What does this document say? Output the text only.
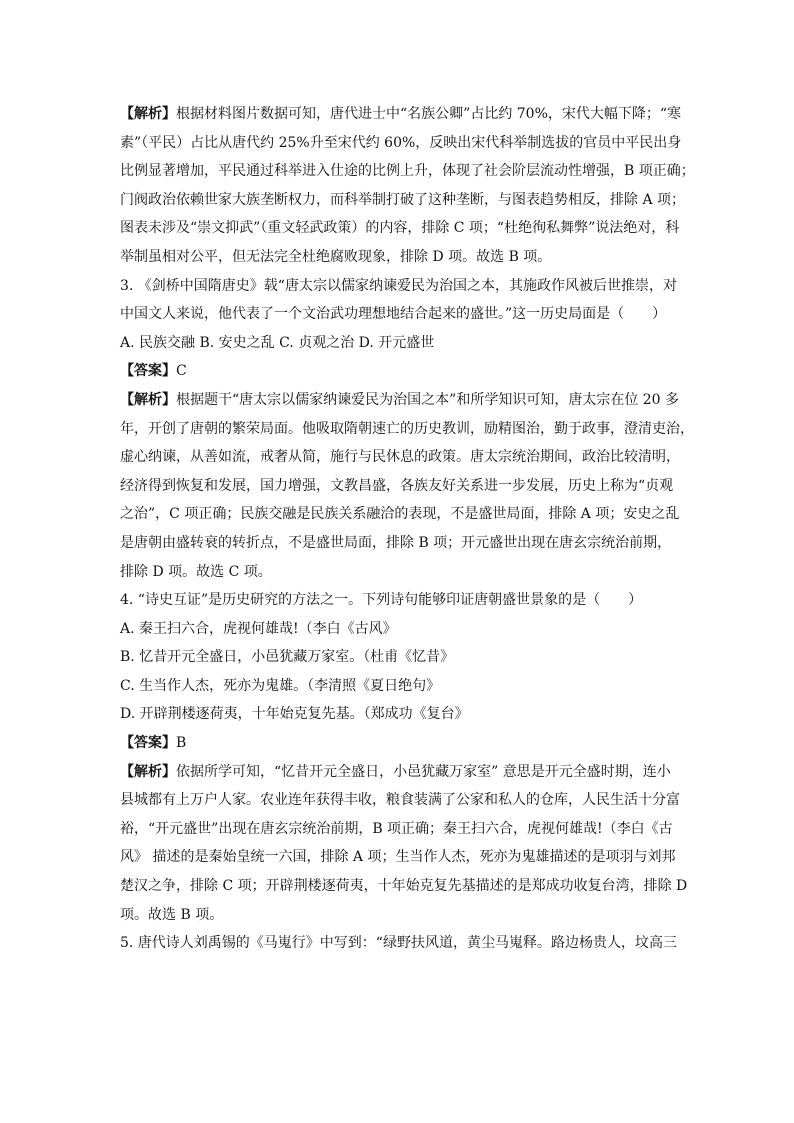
【解析】根据材料图片数据可知，唐代进士中“名族公卿”占比约 70%，宋代大幅下降；“寒
素”（平民）占比从唐代约 25%升至宋代约 60%，反映出宋代科举制选拔的官员中平民出身
比例显著增加，平民通过科举进入仕途的比例上升，体现了社会阶层流动性增强，B 项正确；
门阀政治依赖世家大族垄断权力，而科举制打破了这种垄断，与图表趋势相反，排除 A 项；
图表未涉及“崇文抑武”（重文轻武政策）的内容，排除 C 项；“杜绝徇私舞弊”说法绝对，科
举制虽相对公平，但无法完全杜绝腐败现象，排除 D 项。故选 B 项。
3. 《剑桥中国隋唐史》载“唐太宗以儒家纳谏爱民为治国之本，其施政作风被后世推崇，对
中国文人来说，他代表了一个文治武功理想地结合起来的盛世。”这一历史局面是（　　）
A. 民族交融 B. 安史之乱 C. 贞观之治 D. 开元盛世
【答案】C
【解析】根据题干“唐太宗以儒家纳谏爱民为治国之本”和所学知识可知，唐太宗在位 20 多
年，开创了唐朝的繁荣局面。他吸取隋朝速亡的历史教训，励精图治，勤于政事，澄清吏治，
虚心纳谏，从善如流，戒奢从简，施行与民休息的政策。唐太宗统治期间，政治比较清明，
经济得到恢复和发展，国力增强，文教昌盛，各族友好关系进一步发展，历史上称为“贞观
之治”，C 项正确；民族交融是民族关系融洽的表现，不是盛世局面，排除 A 项；安史之乱
是唐朝由盛转衰的转折点，不是盛世局面，排除 B 项；开元盛世出现在唐玄宗统治前期，
排除 D 项。故选 C 项。
4. “诗史互证”是历史研究的方法之一。下列诗句能够印证唐朝盛世景象的是（　　）
A. 秦王扫六合，虎视何雄哉!（李白《古风》
B. 忆昔开元全盛日，小邑犹藏万家室。（杜甫《忆昔》
C. 生当作人杰，死亦为鬼雄。（李清照《夏日绝句》
D. 开辟荆楼逐荷夷，十年始克复先基。（郑成功《复台》
【答案】B
【解析】依据所学可知，“忆昔开元全盛日，小邑犹藏万家室” 意思是开元全盛时期，连小
县城都有上万户人家。农业连年获得丰收，粮食装满了公家和私人的仓库，人民生活十分富
裕，“开元盛世”出现在唐玄宗统治前期，B 项正确；秦王扫六合，虎视何雄哉!（李白《古
风》 描述的是秦始皇统一六国，排除 A 项；生当作人杰，死亦为鬼雄描述的是项羽与刘邦
楚汉之争，排除 C 项；开辟荆楼逐荷夷，十年始克复先基描述的是郑成功收复台湾，排除 D
项。故选 B 项。
5. 唐代诗人刘禹锡的《马嵬行》中写到：“绿野扶风道，黄尘马嵬释。路边杨贵人，坟高三
